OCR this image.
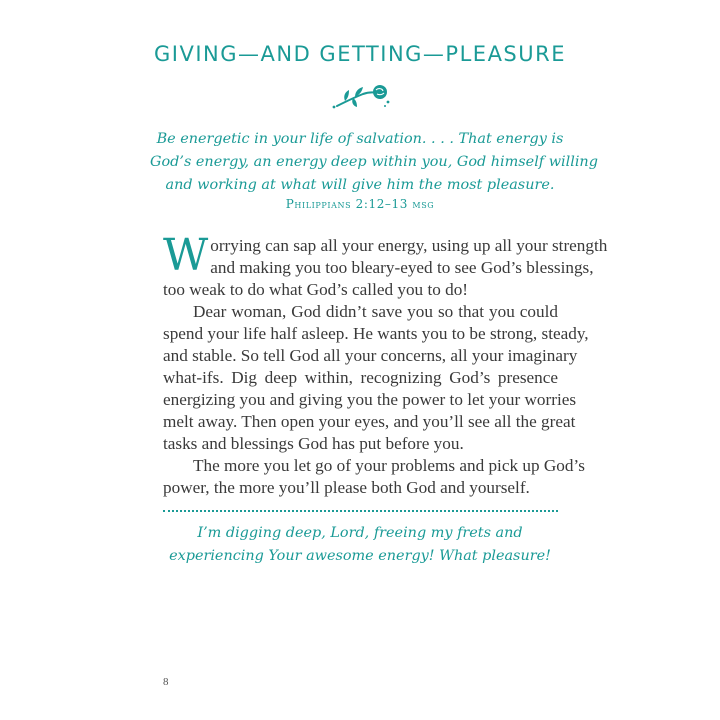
GIVING—AND GETTING—PLEASURE
Be energetic in your life of salvation. . . . That energy is
God’s energy, an energy deep within you, God himself willing
and working at what will give him the most pleasure.
Philippians 2:12–13 msg
W orrying can sap all your energy, using up all your strength
and making you too bleary-eyed to see God’s blessings,
too weak to do what God’s called you to do!
Dear woman, God didn’t save you so that you could
spend your life half asleep. He wants you to be strong, steady,
and stable. So tell God all your concerns, all your imaginary
what-ifs. Dig deep within, recognizing God’s presence
energizing you and giving you the power to let your worries
melt away. Then open your eyes, and you’ll see all the great
tasks and blessings God has put before you.
The more you let go of your problems and pick up God’s
power, the more you’ll please both God and yourself.
I’m digging deep, Lord, freeing my frets and
experiencing Your awesome energy! What pleasure!
8
